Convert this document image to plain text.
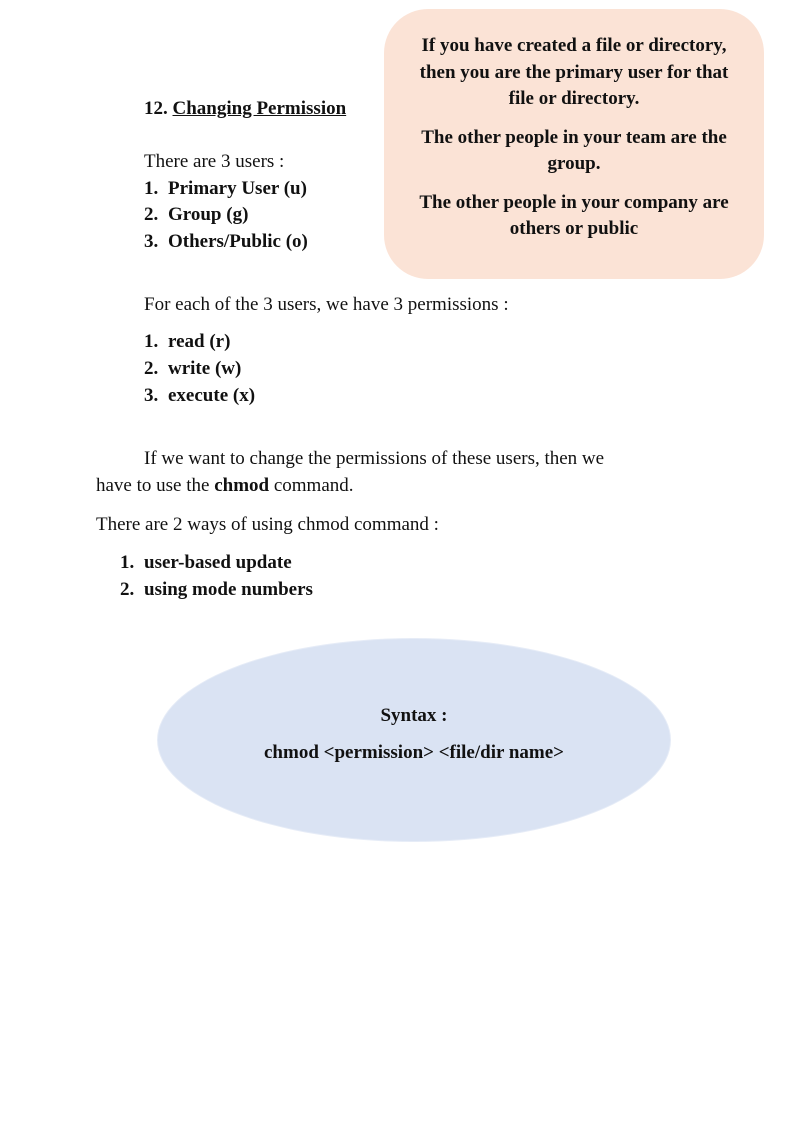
If you have created a file or directory, then you are the primary user for that file or directory.

The other people in your team are the group.

The other people in your company are others or public

12. Changing Permission
There are 3 users :
1. Primary User (u)
2. Group (g)
3. Others/Public (o)
For each of the 3 users, we have 3 permissions :
1. read (r)
2. write (w)
3. execute (x)
If we want to change the permissions of these users, then we
have to use the chmod command.
There are 2 ways of using chmod command :
1. user-based update
2. using mode numbers
Syntax :
chmod <permission> <file/dir name>
